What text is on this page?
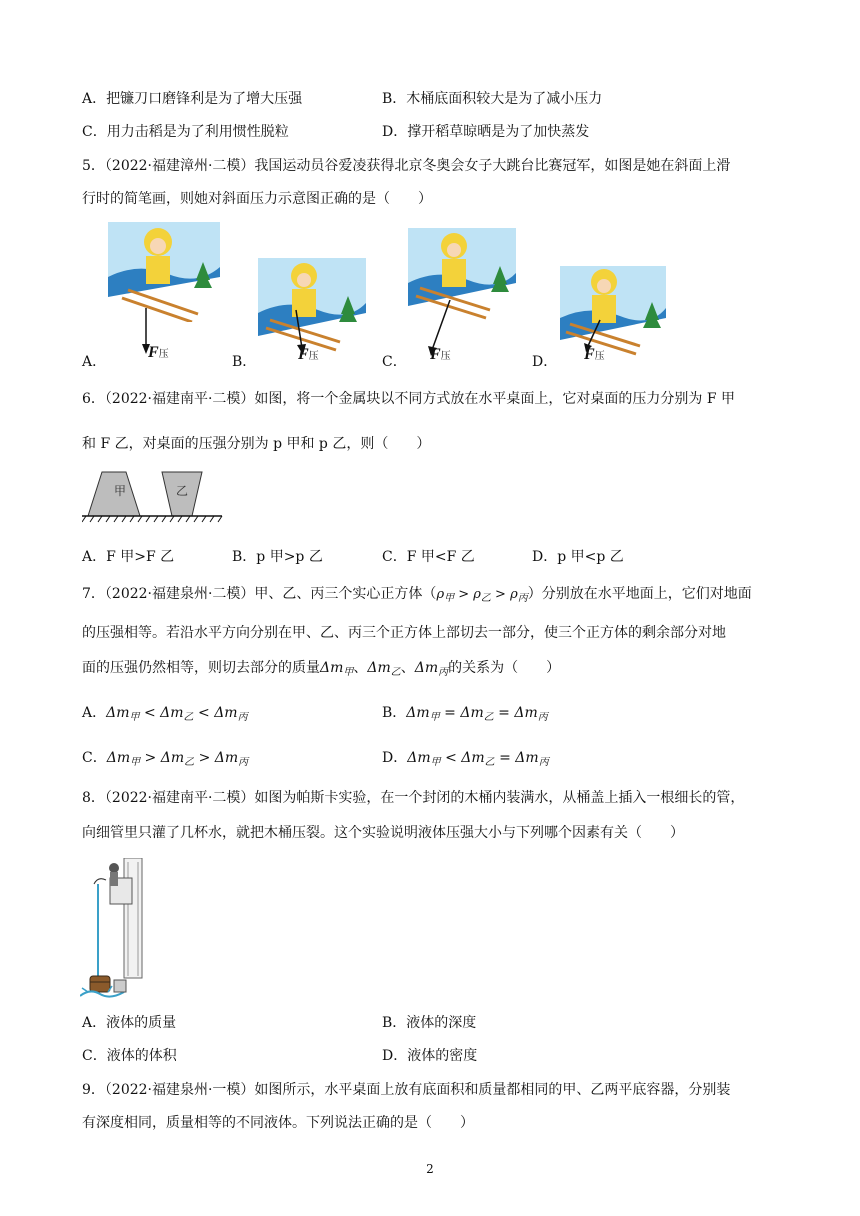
A．把镰刀口磨锋利是为了增大压强	B．木桶底面积较大是为了减小压力
C．用力击稻是为了利用惯性脱粒	D．撑开稻草晾晒是为了加快蒸发
5．（2022·福建漳州·二模）我国运动员谷爱凌获得北京冬奥会女子大跳台比赛冠军，如图是她在斜面上滑
行时的简笔画，则她对斜面压力示意图正确的是（　　）
F压	F压	F压	F压
A．	B．	C．	D．
6．（2022·福建南平·二模）如图，将一个金属块以不同方式放在水平桌面上，它对桌面的压力分别为 F 甲
和 F 乙，对桌面的压强分别为 p 甲和 p 乙，则（　　）
甲	乙
A．F 甲>F 乙	B．p 甲>p 乙	C．F 甲<F 乙	D．p 甲<p 乙
7．（2022·福建泉州·二模）甲、乙、丙三个实心正方体$(\rho_甲 > \rho_乙 > \rho_丙)$分别放在水平地面上，它们对地面
的压强相等。若沿水平方向分别在甲、乙、丙三个正方体上部切去一部分，使三个正方体的剩余部分对地
面的压强仍然相等，则切去部分的质量$\Delta m_甲$、$\Delta m_乙$、$\Delta m_丙$的关系为（　　）
A．$\Delta m_甲 < \Delta m_乙 < \Delta m_丙$	B．$\Delta m_甲 = \Delta m_乙 = \Delta m_丙$
C．$\Delta m_甲 > \Delta m_乙 > \Delta m_丙$	D．$\Delta m_甲 < \Delta m_乙 = \Delta m_丙$
8．（2022·福建南平·二模）如图为帕斯卡实验，在一个封闭的木桶内装满水，从桶盖上插入一根细长的管，
向细管里只灌了几杯水，就把木桶压裂。这个实验说明液体压强大小与下列哪个因素有关（　　）
A．液体的质量	B．液体的深度
C．液体的体积	D．液体的密度
9．（2022·福建泉州·一模）如图所示，水平桌面上放有底面积和质量都相同的甲、乙两平底容器，分别装
有深度相同，质量相等的不同液体。下列说法正确的是（　　）
2
